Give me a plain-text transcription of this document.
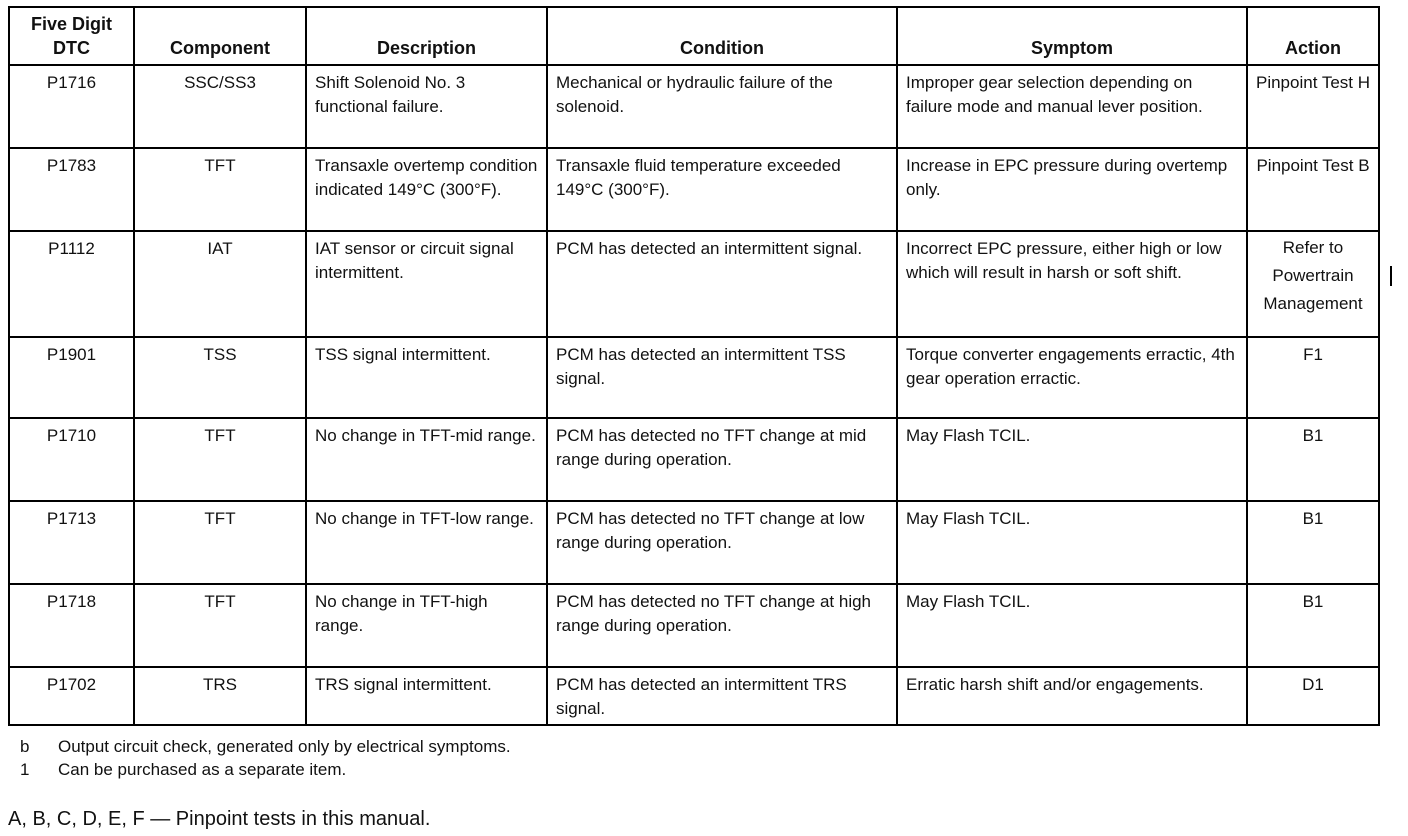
Five Digit DTC	Component	Description	Condition	Symptom	Action
P1716	SSC/SS3	Shift Solenoid No. 3 functional failure.	Mechanical or hydraulic failure of the solenoid.	Improper gear selection depending on failure mode and manual lever position.	Pinpoint Test H
P1783	TFT	Transaxle overtemp condition indicated 149°C (300°F).	Transaxle fluid temperature exceeded 149°C (300°F).	Increase in EPC pressure during overtemp only.	Pinpoint Test B
P1112	IAT	IAT sensor or circuit signal intermittent.	PCM has detected an intermittent signal.	Incorrect EPC pressure, either high or low which will result in harsh or soft shift.	Refer to Powertrain Management
P1901	TSS	TSS signal intermittent.	PCM has detected an intermittent TSS signal.	Torque converter engagements erractic, 4th gear operation erractic.	F1
P1710	TFT	No change in TFT-mid range.	PCM has detected no TFT change at mid range during operation.	May Flash TCIL.	B1
P1713	TFT	No change in TFT-low range.	PCM has detected no TFT change at low range during operation.	May Flash TCIL.	B1
P1718	TFT	No change in TFT-high range.	PCM has detected no TFT change at high range during operation.	May Flash TCIL.	B1
P1702	TRS	TRS signal intermittent.	PCM has detected an intermittent TRS signal.	Erratic harsh shift and/or engagements.	D1
b	Output circuit check, generated only by electrical symptoms.
1	Can be purchased as a separate item.
A, B, C, D, E, F — Pinpoint tests in this manual.
